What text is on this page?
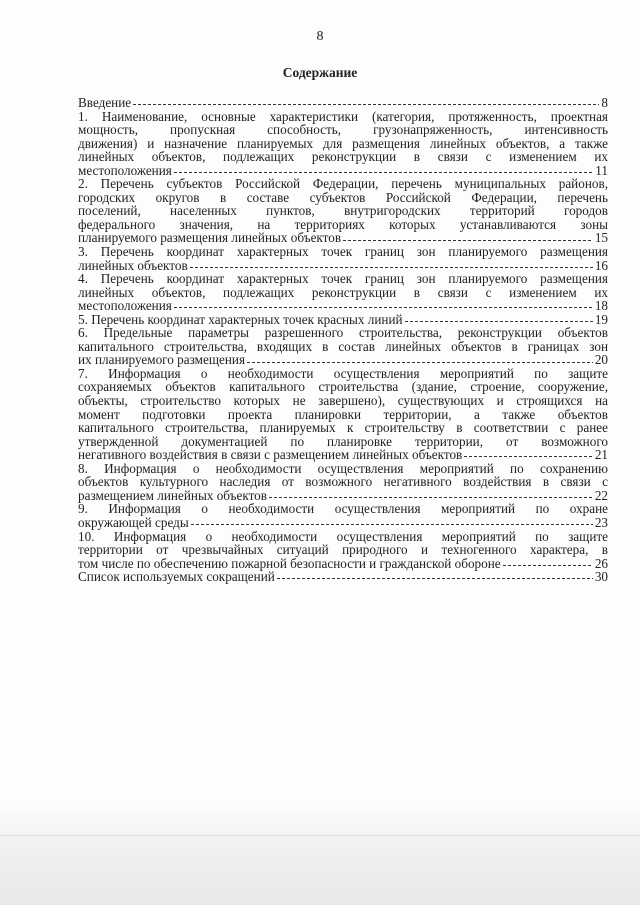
8
Содержание
Введение	8
1. Наименование, основные характеристики (категория, протяженность, проектная
мощность, пропускная способность, грузонапряженность, интенсивность
движения) и назначение планируемых для размещения линейных объектов, а также
линейных объектов, подлежащих реконструкции в связи с изменением их
местоположения	11
2. Перечень субъектов Российской Федерации, перечень муниципальных районов,
городских округов в составе субъектов Российской Федерации, перечень
поселений, населенных пунктов, внутригородских территорий городов
федерального значения, на территориях которых устанавливаются зоны
планируемого размещения линейных объектов	15
3. Перечень координат характерных точек границ зон планируемого размещения
линейных объектов	16
4. Перечень координат характерных точек границ зон планируемого размещения
линейных объектов, подлежащих реконструкции в связи с изменением их
местоположения	18
5. Перечень координат характерных точек красных линий	19
6. Предельные параметры разрешенного строительства, реконструкции объектов
капитального строительства, входящих в состав линейных объектов в границах зон
их планируемого размещения	20
7. Информация о необходимости осуществления мероприятий по защите
сохраняемых объектов капитального строительства (здание, строение, сооружение,
объекты, строительство которых не завершено), существующих и строящихся на
момент подготовки проекта планировки территории, а также объектов
капитального строительства, планируемых к строительству в соответствии с ранее
утвержденной документацией по планировке территории, от возможного
негативного воздействия в связи с размещением линейных объектов	21
8. Информация о необходимости осуществления мероприятий по сохранению
объектов культурного наследия от возможного негативного воздействия в связи с
размещением линейных объектов	22
9. Информация о необходимости осуществления мероприятий по охране
окружающей среды	23
10. Информация о необходимости осуществления мероприятий по защите
территории от чрезвычайных ситуаций природного и техногенного характера, в
том числе по обеспечению пожарной безопасности и гражданской обороне	26
Список используемых сокращений	30
